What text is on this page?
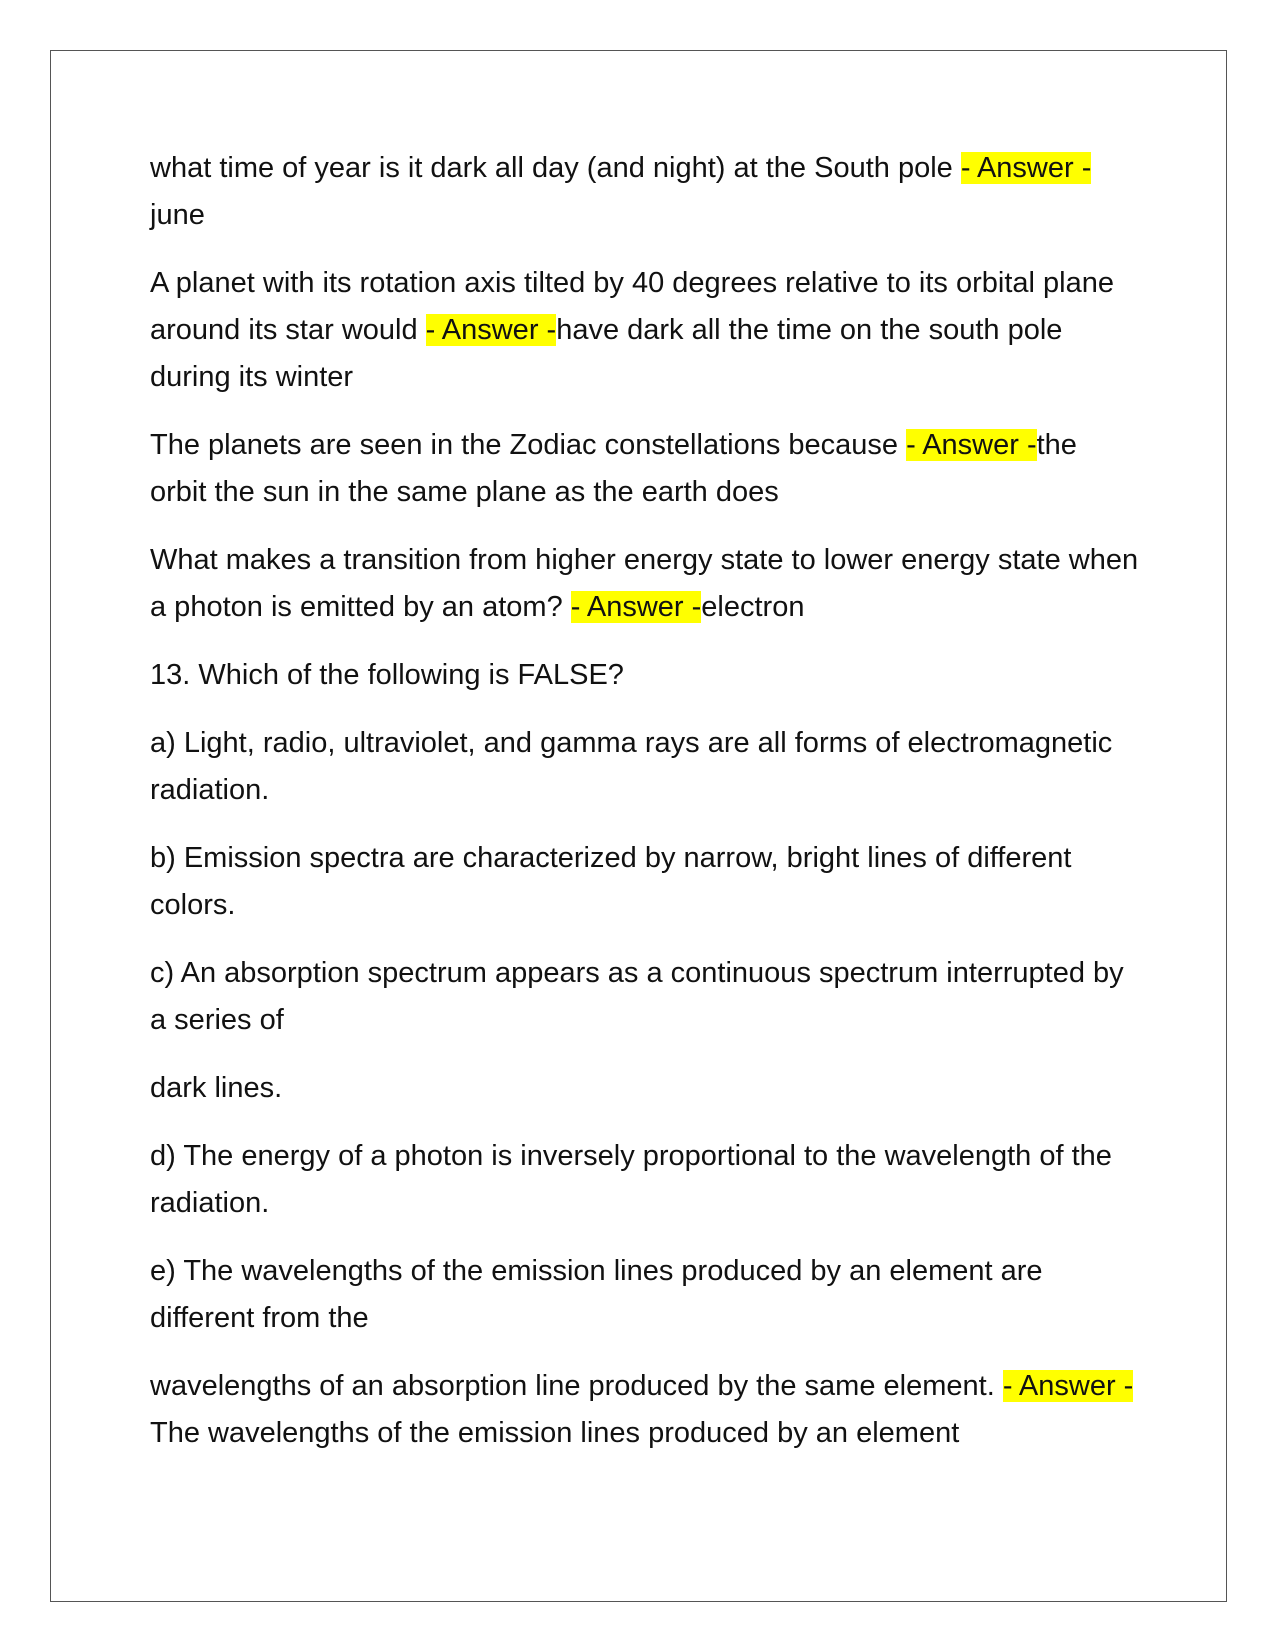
what time of year is it dark all day (and night) at the South pole - Answer -june

A planet with its rotation axis tilted by 40 degrees relative to its orbital plane around its star would - Answer -have dark all the time on the south pole during its winter

The planets are seen in the Zodiac constellations because - Answer -the orbit the sun in the same plane as the earth does

What makes a transition from higher energy state to lower energy state when a photon is emitted by an atom? - Answer -electron

13. Which of the following is FALSE?

a) Light, radio, ultraviolet, and gamma rays are all forms of electromagnetic radiation.

b) Emission spectra are characterized by narrow, bright lines of different colors.

c) An absorption spectrum appears as a continuous spectrum interrupted by a series of

dark lines.

d) The energy of a photon is inversely proportional to the wavelength of the radiation.

e) The wavelengths of the emission lines produced by an element are different from the

wavelengths of an absorption line produced by the same element. - Answer -The wavelengths of the emission lines produced by an element
